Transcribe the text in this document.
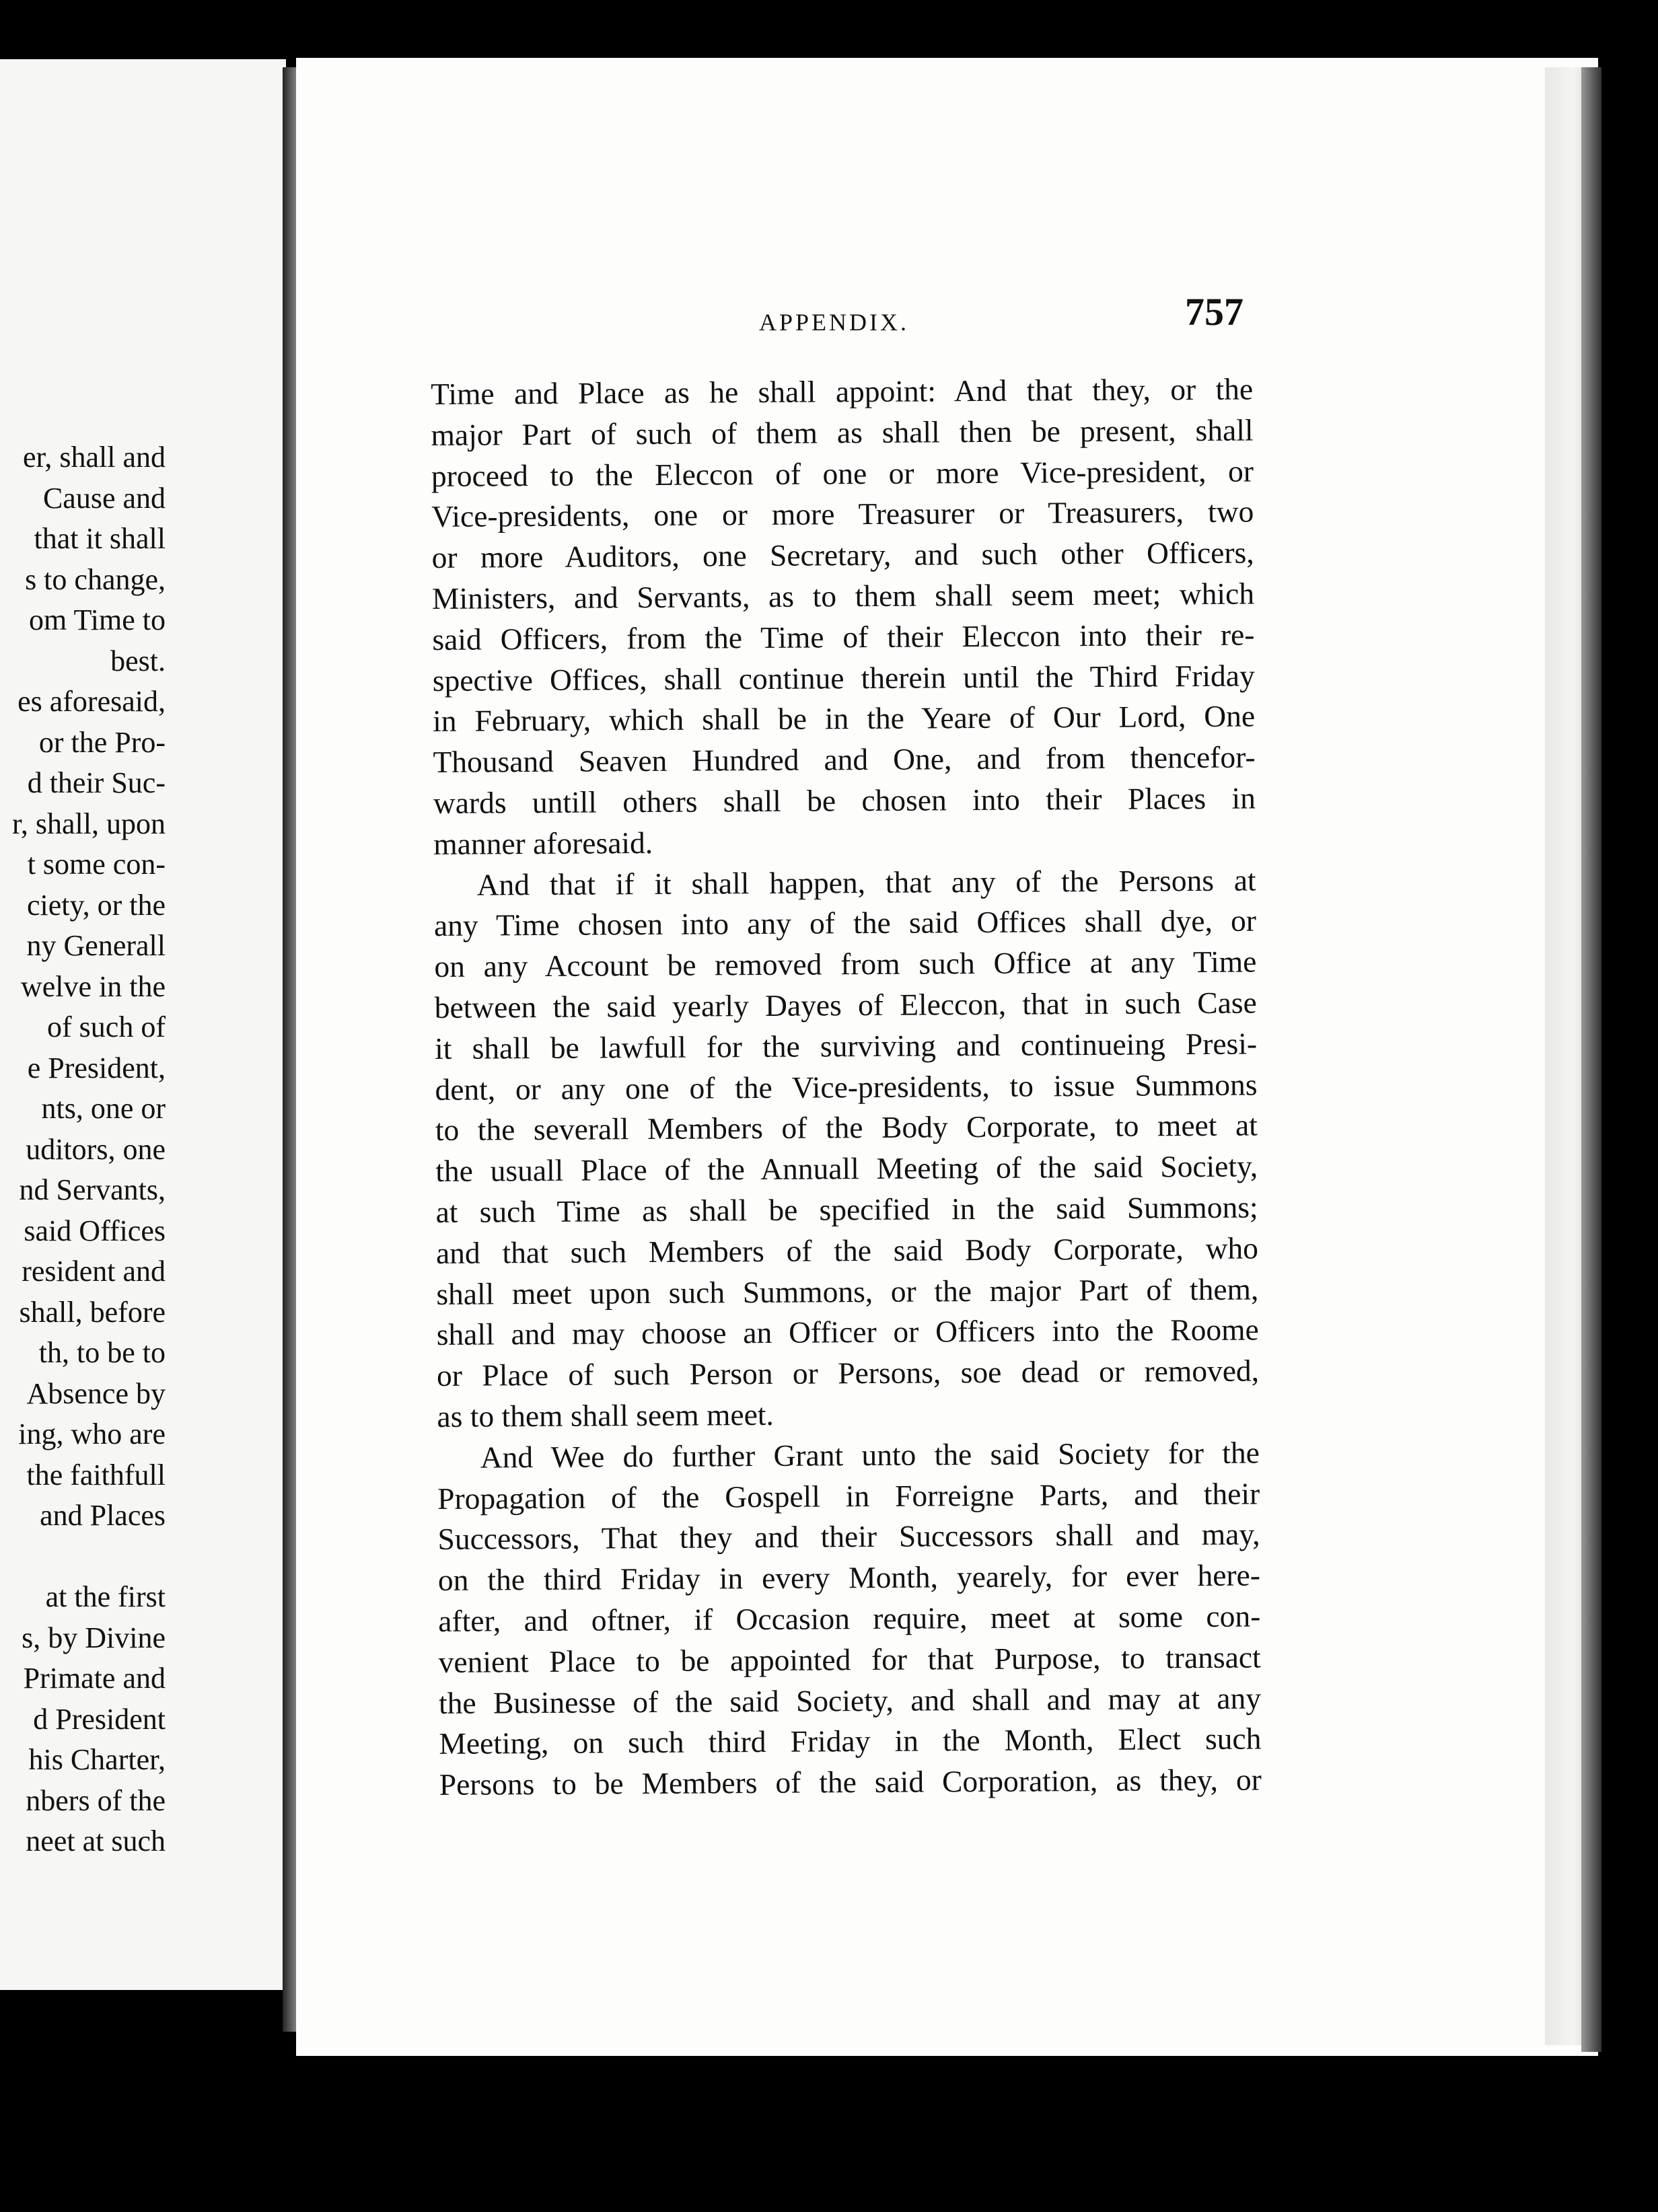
er, shall and
Cause and
that it shall
s to change,
om Time to
best.
es aforesaid,
or the Pro-
d their Suc-
r, shall, upon
t some con-
ciety, or the
ny Generall
welve in the
of such of
e President,
nts, one or
uditors, one
nd Servants,
said Offices
resident and
shall, before
th, to be to
Absence by
ing, who are
the faithfull
and Places
at the first
s, by Divine
Primate and
d President
his Charter,
nbers of the
neet at such
APPENDIX.	757
Time and Place as he shall appoint: And that they, or the
major Part of such of them as shall then be present, shall
proceed to the Eleccon of one or more Vice-president, or
Vice-presidents, one or more Treasurer or Treasurers, two
or more Auditors, one Secretary, and such other Officers,
Ministers, and Servants, as to them shall seem meet; which
said Officers, from the Time of their Eleccon into their re-
spective Offices, shall continue therein until the Third Friday
in February, which shall be in the Yeare of Our Lord, One
Thousand Seaven Hundred and One, and from thencefor-
wards untill others shall be chosen into their Places in
manner aforesaid.
And that if it shall happen, that any of the Persons at
any Time chosen into any of the said Offices shall dye, or
on any Account be removed from such Office at any Time
between the said yearly Dayes of Eleccon, that in such Case
it shall be lawfull for the surviving and continueing Presi-
dent, or any one of the Vice-presidents, to issue Summons
to the severall Members of the Body Corporate, to meet at
the usuall Place of the Annuall Meeting of the said Society,
at such Time as shall be specified in the said Summons;
and that such Members of the said Body Corporate, who
shall meet upon such Summons, or the major Part of them,
shall and may choose an Officer or Officers into the Roome
or Place of such Person or Persons, soe dead or removed,
as to them shall seem meet.
And Wee do further Grant unto the said Society for the
Propagation of the Gospell in Forreigne Parts, and their
Successors, That they and their Successors shall and may,
on the third Friday in every Month, yearely, for ever here-
after, and oftner, if Occasion require, meet at some con-
venient Place to be appointed for that Purpose, to transact
the Businesse of the said Society, and shall and may at any
Meeting, on such third Friday in the Month, Elect such
Persons to be Members of the said Corporation, as they, or
